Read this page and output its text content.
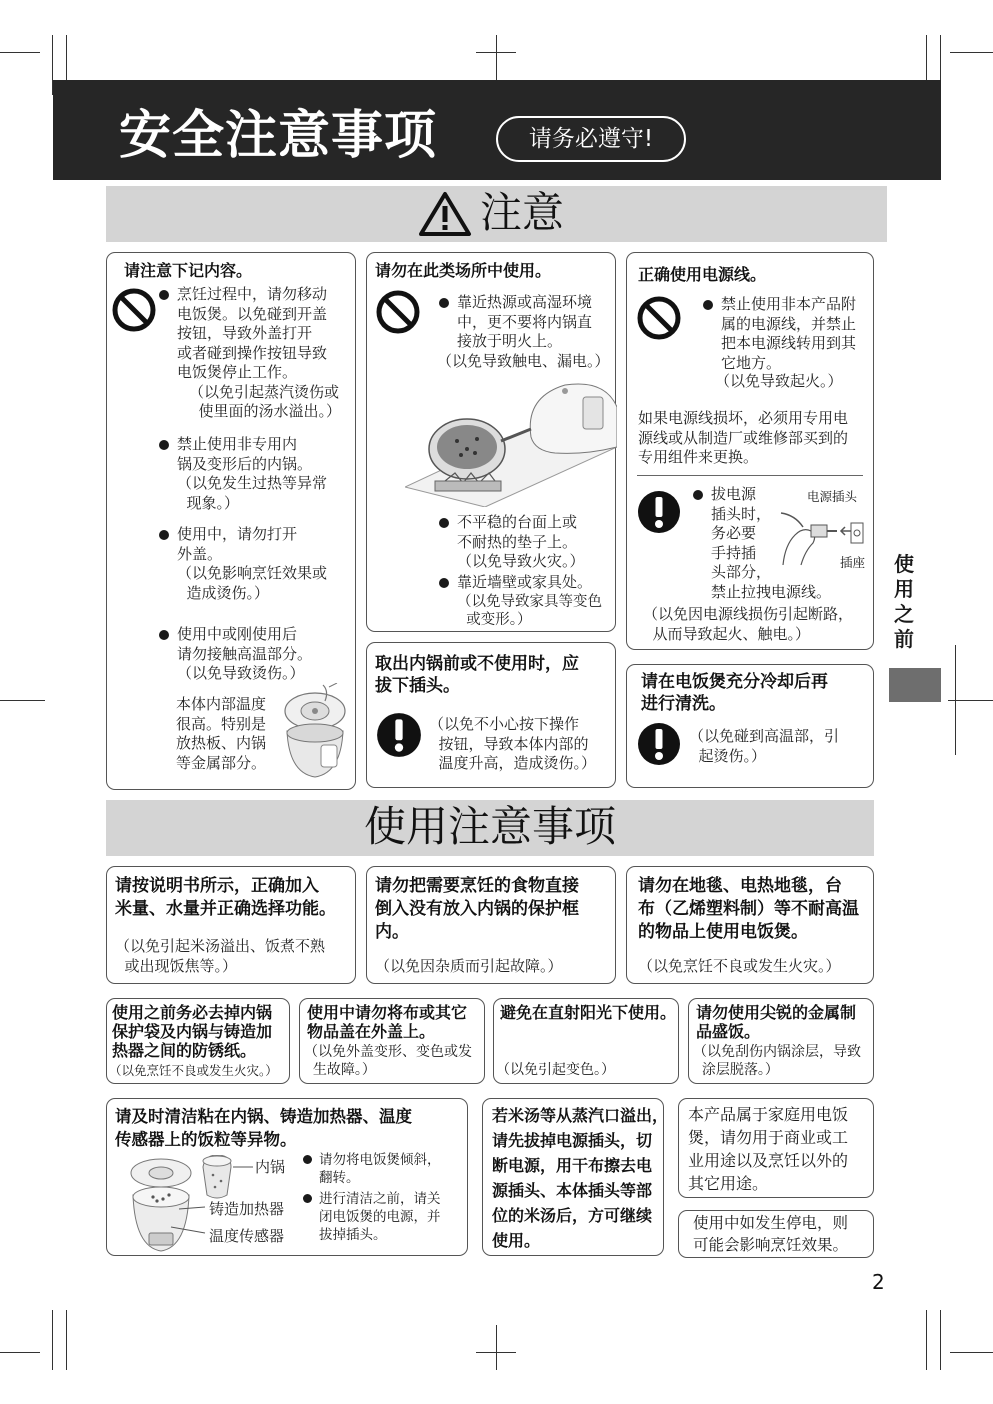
安全注意事项	请务必遵守!
注意
请注意下记内容。
烹饪过程中，请勿移动
电饭煲。以免碰到开盖
按钮，导致外盖打开
或者碰到操作按钮导致
电饭煲停止工作。
（以免引起蒸汽烫伤或
使里面的汤水溢出。）
禁止使用非专用内
锅及变形后的内锅。
（以免发生过热等异常
现象。）
使用中，请勿打开
外盖。
（以免影响烹饪效果或
造成烫伤。）
使用中或刚使用后
请勿接触高温部分。
（以免导致烫伤。）
本体内部温度
很高。特别是
放热板、内锅
等金属部分。
请勿在此类场所中使用。
靠近热源或高湿环境
中，更不要将内锅直
接放于明火上。
（以免导致触电、漏电。）
不平稳的台面上或
不耐热的垫子上。
（以免导致火灾。）
靠近墙壁或家具处。
（以免导致家具等变色
或变形。）
正确使用电源线。
禁止使用非本产品附
属的电源线，并禁止
把本电源线转用到其
它地方。
（以免导致起火。）
如果电源线损坏，必须用专用电
源线或从制造厂或维修部买到的
专用组件来更换。
拔电源
插头时，
务必要
手持插
头部分，
禁止拉拽电源线。
电源插头
插座
（以免因电源线损伤引起断路，
从而导致起火、触电。）
取出内锅前或不使用时，应
拔下插头。
（以免不小心按下操作
按钮，导致本体内部的
温度升高，造成烫伤。）
请在电饭煲充分冷却后再
进行清洗。
（以免碰到高温部，引
起烫伤。）
使
用
之
前
使用注意事项
请按说明书所示，正确加入
米量、水量并正确选择功能。
（以免引起米汤溢出、饭煮不熟
或出现饭焦等。）
请勿把需要烹饪的食物直接
倒入没有放入内锅的保护框
内。
（以免因杂质而引起故障。）
请勿在地毯、电热地毯，台
布（乙烯塑料制）等不耐高温
的物品上使用电饭煲。
（以免烹饪不良或发生火灾。）
使用之前务必去掉内锅
保护袋及内锅与铸造加
热器之间的防锈纸。
（以免烹饪不良或发生火灾。）
使用中请勿将布或其它
物品盖在外盖上。
（以免外盖变形、变色或发
生故障。）
避免在直射阳光下使用。
（以免引起变色。）
请勿使用尖锐的金属制
品盛饭。
（以免刮伤内锅涂层，导致
涂层脱落。）
请及时清洁粘在内锅、铸造加热器、温度
传感器上的饭粒等异物。
内锅
铸造加热器
温度传感器
请勿将电饭煲倾斜，
翻转。
进行清洁之前，请关
闭电饭煲的电源，并
拔掉插头。
若米汤等从蒸汽口溢出，
请先拔掉电源插头，切
断电源，用干布擦去电
源插头、本体插头等部
位的米汤后，方可继续
使用。
本产品属于家庭用电饭
煲，请勿用于商业或工
业用途以及烹饪以外的
其它用途。
使用中如发生停电，则
可能会影响烹饪效果。
2
